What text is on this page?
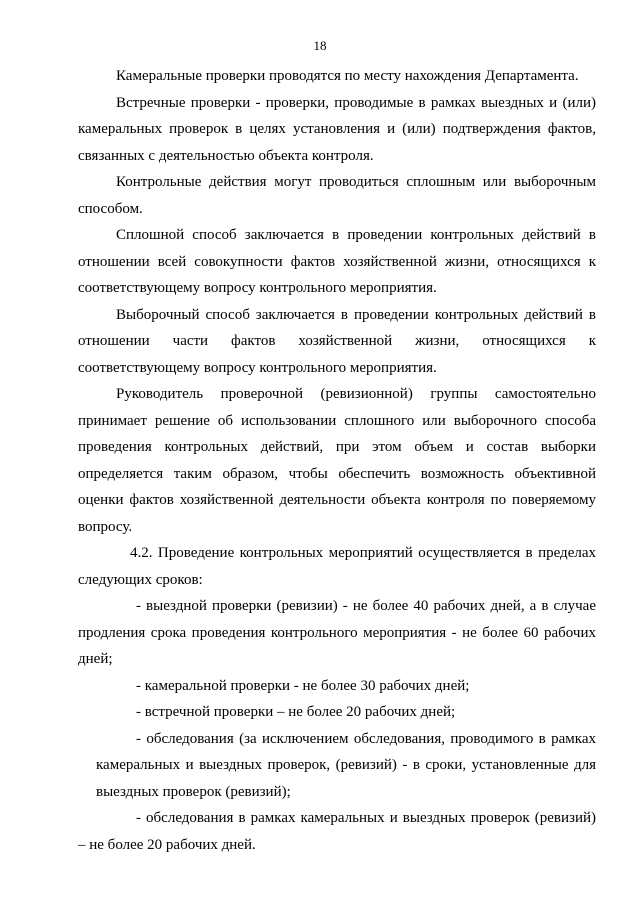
18

Камеральные проверки проводятся по месту нахождения Департамента.

Встречные проверки - проверки, проводимые в рамках выездных и (или) камеральных проверок в целях установления и (или) подтверждения фактов, связанных с деятельностью объекта контроля.

Контрольные действия могут проводиться сплошным или выборочным способом.

Сплошной способ заключается в проведении контрольных действий в отношении всей совокупности фактов хозяйственной жизни, относящихся к соответствующему вопросу контрольного мероприятия.

Выборочный способ заключается в проведении контрольных действий в отношении части фактов хозяйственной жизни, относящихся к соответствующему вопросу контрольного мероприятия.

Руководитель проверочной (ревизионной) группы самостоятельно принимает решение об использовании сплошного или выборочного способа проведения контрольных действий, при этом объем и состав выборки определяется таким образом, чтобы обеспечить возможность объективной оценки фактов хозяйственной деятельности объекта контроля по поверяемому вопросу.

4.2. Проведение контрольных мероприятий осуществляется в пределах следующих сроков:

- выездной проверки (ревизии) - не более 40 рабочих дней, а в случае продления срока проведения контрольного мероприятия - не более 60 рабочих дней;

- камеральной проверки - не более 30 рабочих дней;

- встречной проверки – не более 20 рабочих дней;

- обследования (за исключением обследования, проводимого в рамках камеральных и выездных проверок, (ревизий) - в сроки, установленные для выездных проверок (ревизий);

- обследования в рамках камеральных и выездных проверок (ревизий) – не более 20 рабочих дней.
